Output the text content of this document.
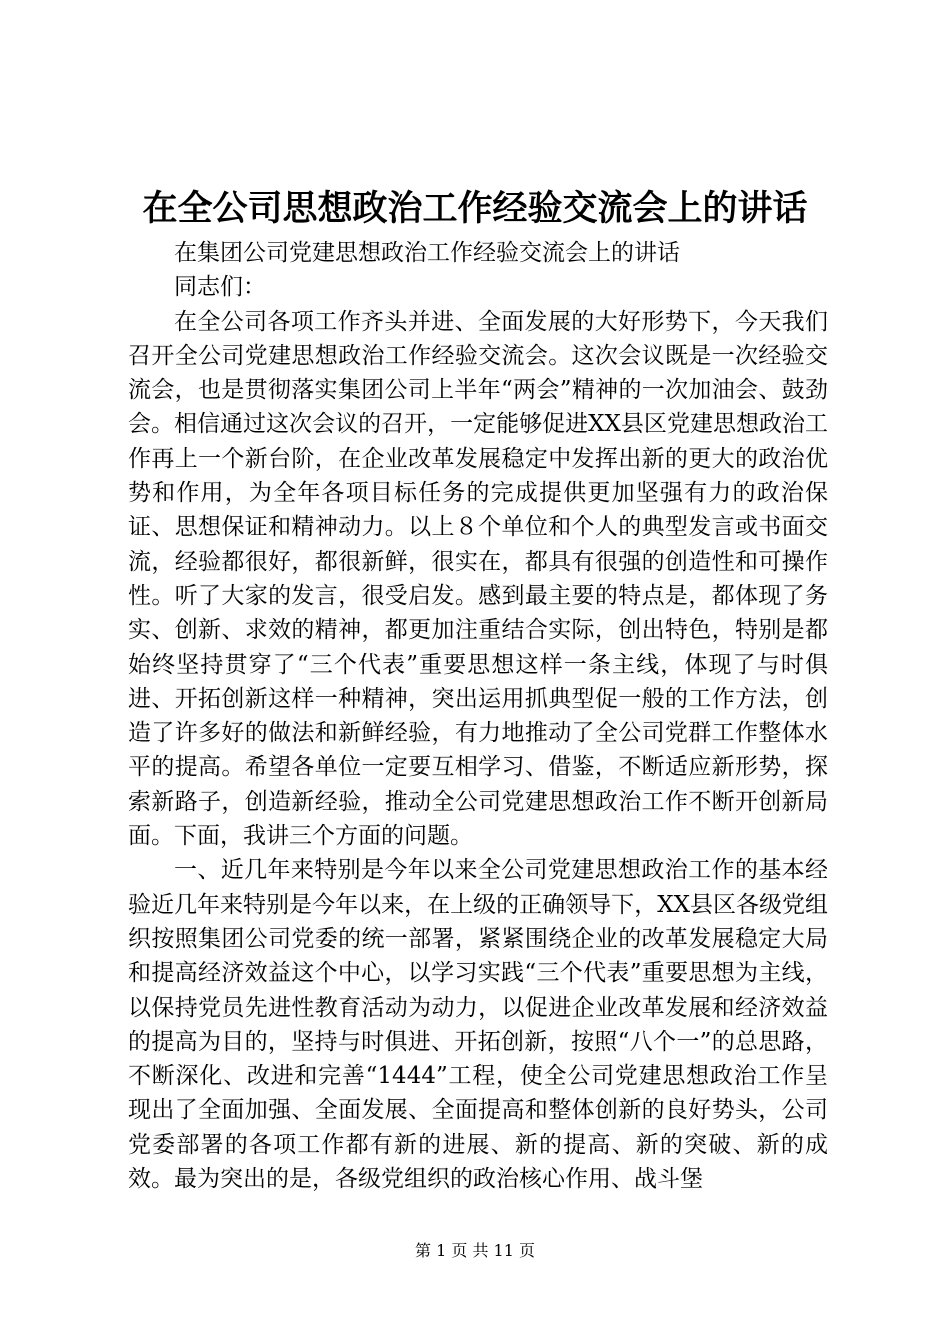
在全公司思想政治工作经验交流会上的讲话

在集团公司党建思想政治工作经验交流会上的讲话

同志们：

在全公司各项工作齐头并进、全面发展的大好形势下，今天我们召开全公司党建思想政治工作经验交流会。这次会议既是一次经验交流会，也是贯彻落实集团公司上半年“两会”精神的一次加油会、鼓劲会。相信通过这次会议的召开，一定能够促进XX县区党建思想政治工作再上一个新台阶，在企业改革发展稳定中发挥出新的更大的政治优势和作用，为全年各项目标任务的完成提供更加坚强有力的政治保证、思想保证和精神动力。以上８个单位和个人的典型发言或书面交流，经验都很好，都很新鲜，很实在，都具有很强的创造性和可操作性。听了大家的发言，很受启发。感到最主要的特点是，都体现了务实、创新、求效的精神，都更加注重结合实际，创出特色，特别是都始终坚持贯穿了“三个代表”重要思想这样一条主线，体现了与时俱进、开拓创新这样一种精神，突出运用抓典型促一般的工作方法，创造了许多好的做法和新鲜经验，有力地推动了全公司党群工作整体水平的提高。希望各单位一定要互相学习、借鉴，不断适应新形势，探索新路子，创造新经验，推动全公司党建思想政治工作不断开创新局面。下面，我讲三个方面的问题。

一、近几年来特别是今年以来全公司党建思想政治工作的基本经验近几年来特别是今年以来，在上级的正确领导下，XX县区各级党组织按照集团公司党委的统一部署，紧紧围绕企业的改革发展稳定大局和提高经济效益这个中心，以学习实践“三个代表”重要思想为主线，以保持党员先进性教育活动为动力，以促进企业改革发展和经济效益的提高为目的，坚持与时俱进、开拓创新，按照“八个一”的总思路，不断深化、改进和完善“1444”工程，使全公司党建思想政治工作呈现出了全面加强、全面发展、全面提高和整体创新的良好势头，公司党委部署的各项工作都有新的进展、新的提高、新的突破、新的成效。最为突出的是，各级党组织的政治核心作用、战斗堡

第 1 页 共 11 页
